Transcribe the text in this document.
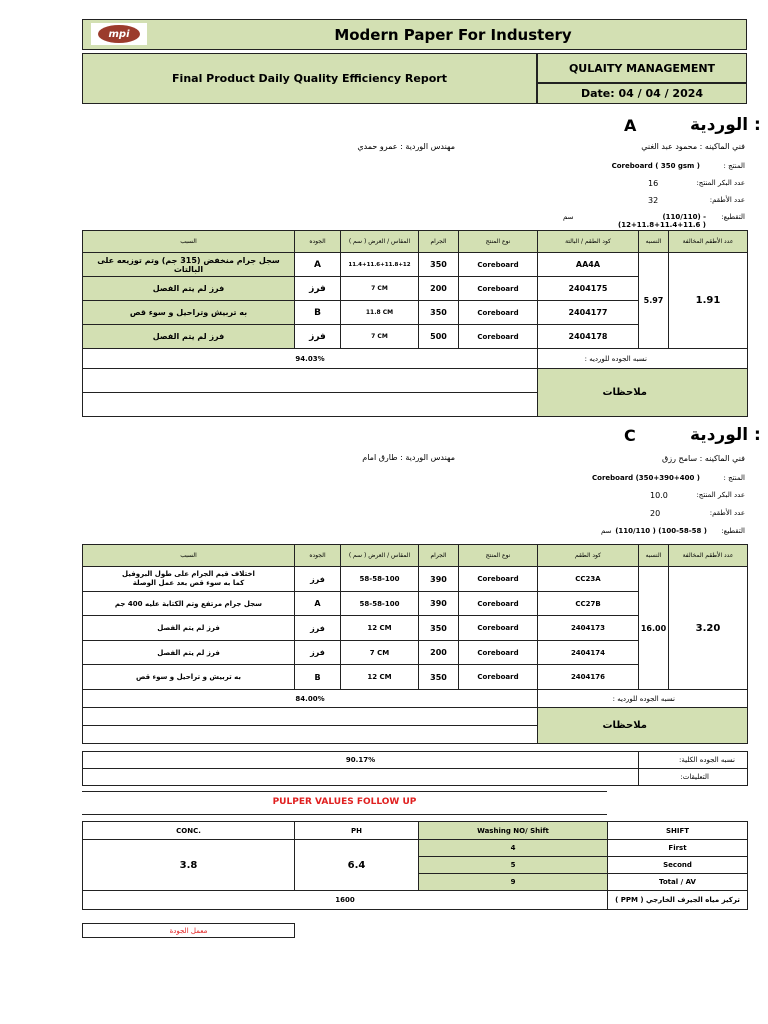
mpi	Modern Paper For Industery
Final Product Daily Quality Efficiency Report
QULAITY MANAGEMENT
Date: 04 / 04 / 2024
الوردية :
A
فني الماكينه : محمود عبد الغني
مهندس الوردية : عمرو حمدي
المنتج :
Coreboard ( 350 gsm )
عدد البكر المنتج:
16
عدد الأطقم:
32
التقطيع:
(110/110) - (12+11.8+11.4+11.6 )
سم
السبب	الجوده	المقاس / العرض ( سم )	الجرام	نوع المنتج	كود الطقم / البالتة	النسبه	عدد الأطقم المخالفة
سجل جرام منخفض (315 جم) وتم توزيعه على البالتات	A	11.4+11.6+11.8+12	350	Coreboard	AA4A	5.97	1.91
فرز لم يتم الفصل	فرز	7 CM	200	Coreboard	2404175		
به تربيش وتراحيل و سوء قص	B	11.8 CM	350	Coreboard	2404177		
فرز لم يتم الفصل	فرز	7 CM	500	Coreboard	2404178		
94.03%					نسبه الجوده للورديه :		
					ملاحظات		

الوردية :
C
فني الماكينه : سامح رزق
مهندس الوردية : طارق امام
المنتج :
Coreboard (350+390+400 )
عدد البكر المنتج:
10.0
عدد الأطقم:
20
التقطيع:
(110/110 ) (100-58-58 )
سم
السبب	الجوده	المقاس / العرض ( سم )	الجرام	نوع المنتج	كود الطقم	النسبه	عدد الأطقم المخالفة
اختلاف قيم الجرام على طول البروفيل
كما به سوء قص بعد عمل الوصلة	فرز	58-58-100	390	Coreboard	CC23A	16.00	3.20
سجل جرام مرتفع وتم الكتابة عليه 400 جم	A	58-58-100	390	Coreboard	CC27B		
فرز لم يتم الفصل	فرز	12 CM	350	Coreboard	2404173		
فرز لم يتم الفصل	فرز	7 CM	200	Coreboard	2404174		
به تربيش و تراحيل و سوء قص	B	12 CM	350	Coreboard	2404176		
84.00%					نسبه الجوده للورديه :		
					ملاحظات		

90.17%	نسبه الجوده الكلية:
	التعليقات:
PULPER VALUES FOLLOW UP
CONC.	PH	Washing NO/ Shift	SHIFT
3.8	6.4	4	First
		5	Second
		9	Total / AV
1600			تركيز مياه الجيرف الخارجي ( PPM )
معمل الجودة
